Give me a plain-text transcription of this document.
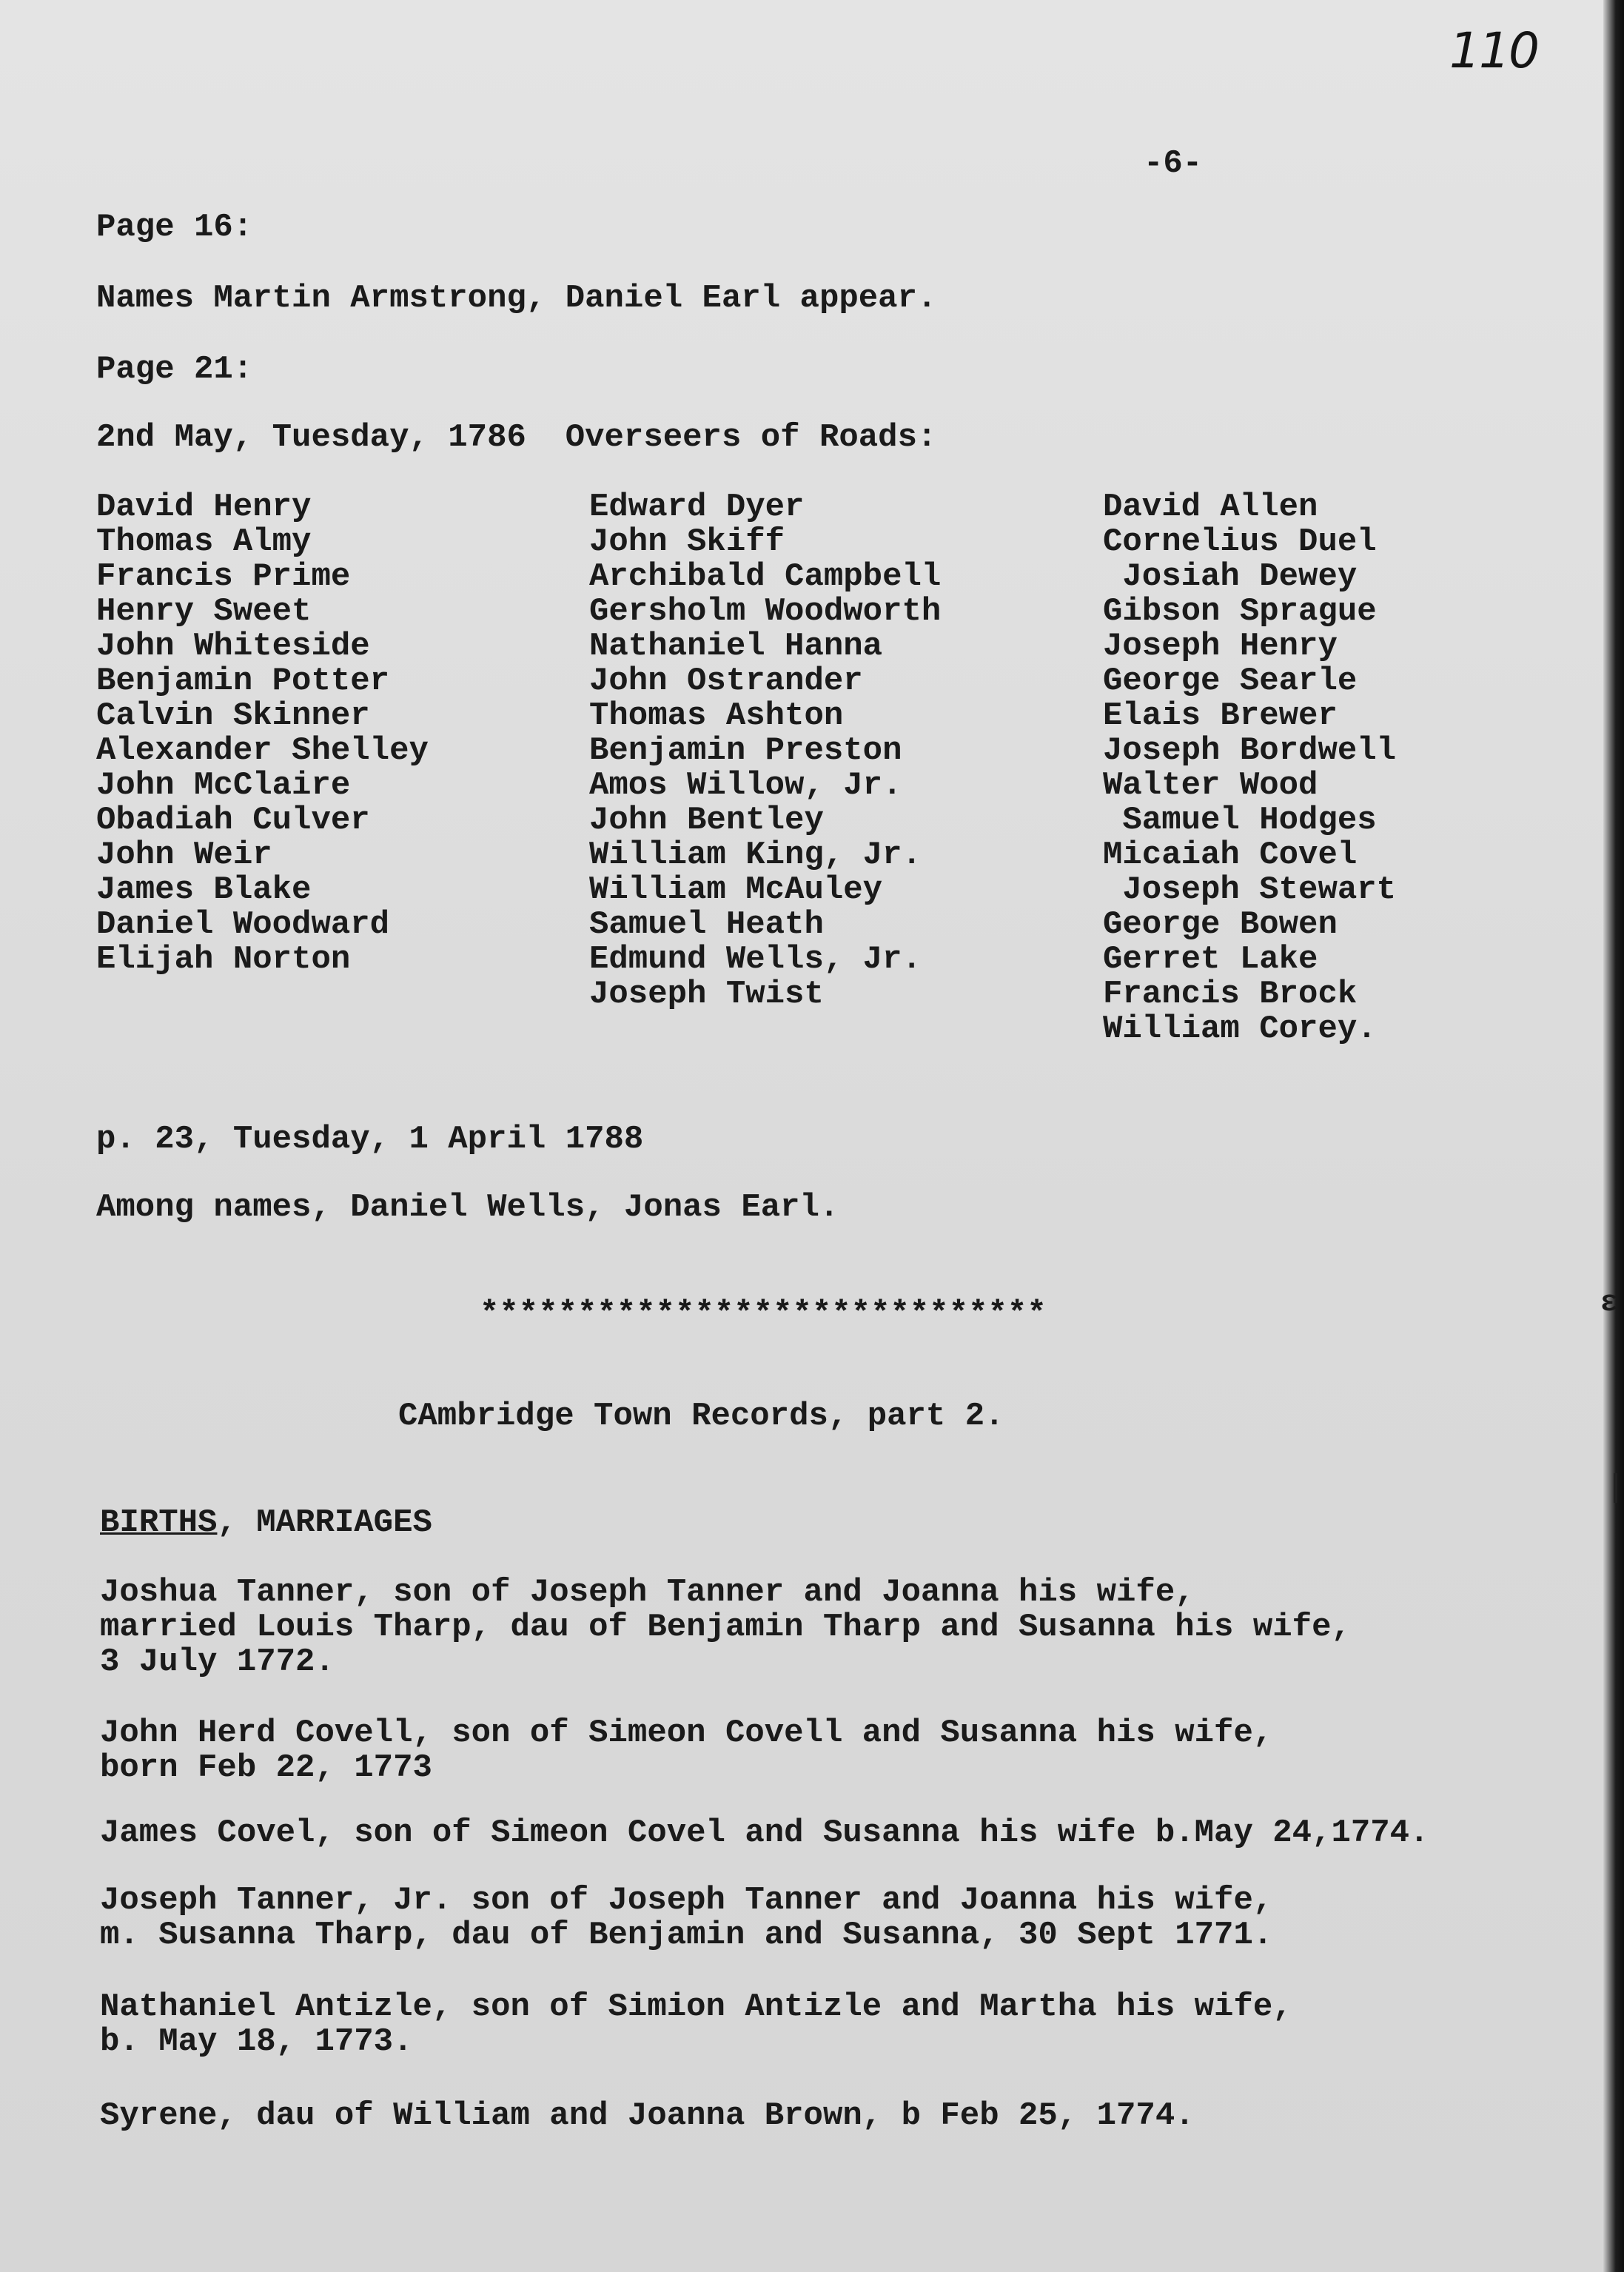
110
-6-
Page 16:
Names Martin Armstrong, Daniel Earl appear.
Page 21:
2nd May, Tuesday, 1786  Overseers of Roads:
David Henry
Thomas Almy
Francis Prime
Henry Sweet
John Whiteside
Benjamin Potter
Calvin Skinner
Alexander Shelley
John McClaire
Obadiah Culver
John Weir
James Blake
Daniel Woodward
Elijah Norton
Edward Dyer
John Skiff
Archibald Campbell
Gersholm Woodworth
Nathaniel Hanna
John Ostrander
Thomas Ashton
Benjamin Preston
Amos Willow, Jr.
John Bentley
William King, Jr.
William McAuley
Samuel Heath
Edmund Wells, Jr.
Joseph Twist
David Allen
Cornelius Duel
Josiah Dewey
Gibson Sprague
Joseph Henry
George Searle
Elais Brewer
Joseph Bordwell
Walter Wood
Samuel Hodges
Micaiah Covel
Joseph Stewart
George Bowen
Gerret Lake
Francis Brock
William Corey.
p. 23, Tuesday, 1 April 1788
Among names, Daniel Wells, Jonas Earl.
*****************************
CAmbridge Town Records, part 2.
BIRTHS, MARRIAGES
Joshua Tanner, son of Joseph Tanner and Joanna his wife,
married Louis Tharp, dau of Benjamin Tharp and Susanna his wife,
3 July 1772.
John Herd Covell, son of Simeon Covell and Susanna his wife,
born Feb 22, 1773
James Covel, son of Simeon Covel and Susanna his wife b.May 24,1774.
Joseph Tanner, Jr. son of Joseph Tanner and Joanna his wife,
m. Susanna Tharp, dau of Benjamin and Susanna, 30 Sept 1771.
Nathaniel Antizle, son of Simion Antizle and Martha his wife,
b. May 18, 1773.
Syrene, dau of William and Joanna Brown, b Feb 25, 1774.
ɛ
